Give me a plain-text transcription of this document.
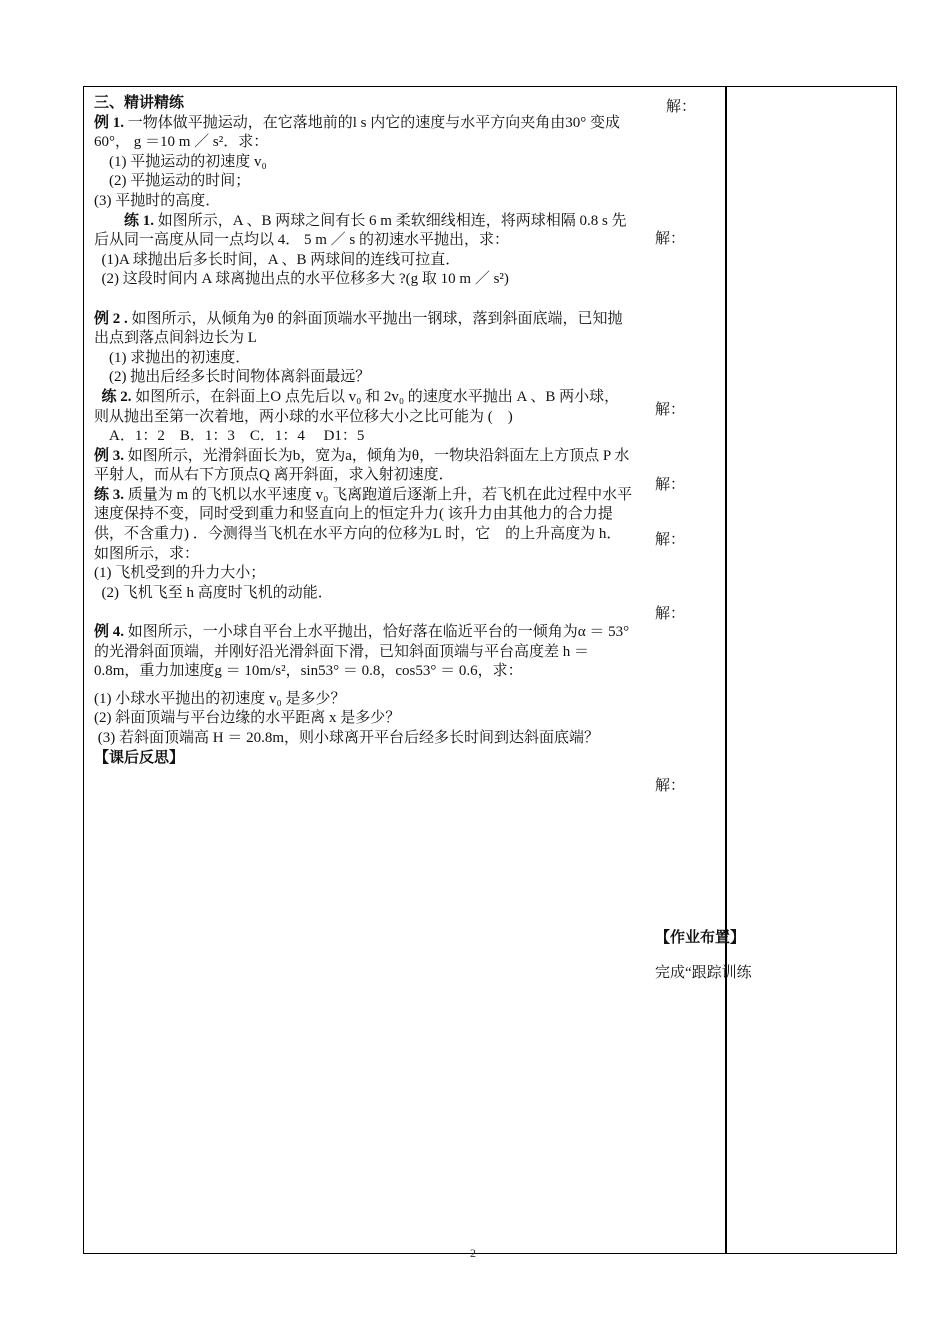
三、精讲精练

例 1. 一物体做平抛运动，在它落地前的l s 内它的速度与水平方向夹角由30° 变成 60°， g ＝10 m ／ s²．求：

(1) 平抛运动的初速度 v₀

(2) 平抛运动的时间；

(3) 平抛时的高度．

练 1. 如图所示，A 、B 两球之间有长 6 m 柔软细线相连，将两球相隔 0.8 s 先后从同一高度从同一点均以 4． 5 m ／ s 的初速水平抛出，求：

(1)A 球抛出后多长时间，A 、B 两球间的连线可拉直．

(2) 这段时间内 A 球离抛出点的水平位移多大 ?(g 取 10 m ／ s²)

例 2 . 如图所示，从倾角为θ 的斜面顶端水平抛出一钢球，落到斜面底端，已知抛出点到落点间斜边长为 L

(1) 求抛出的初速度．

(2) 抛出后经多长时间物体离斜面最远？

练 2. 如图所示，在斜面上O 点先后以 v₀ 和 2v₀ 的速度水平抛出 A 、B 两小球，则从抛出至第一次着地，两小球的水平位移大小之比可能为 (    )

A．1：2    B．1：3    C．1：4     D1：5

例 3. 如图所示，光滑斜面长为b，宽为a，倾角为θ，一物块沿斜面左上方顶点 P 水平射人，而从右下方顶点Q 离开斜面，求入射初速度．

练 3. 质量为 m 的飞机以水平速度 v₀ 飞离跑道后逐渐上升，若飞机在此过程中水平速度保持不变，同时受到重力和竖直向上的恒定升力( 该升力由其他力的合力提供，不含重力) ．今测得当飞机在水平方向的位移为L 时，它    的上升高度为 h． 如图所示，求：

(1) 飞机受到的升力大小；

(2) 飞机飞至 h 高度时飞机的动能．

例 4. 如图所示，一小球自平台上水平抛出，恰好落在临近平台的一倾角为α ＝ 53° 的光滑斜面顶端，并刚好沿光滑斜面下滑，已知斜面顶端与平台高度差 h ＝ 0.8m，重力加速度g ＝ 10m/s²，sin53° ＝ 0.8，cos53° ＝ 0.6，求：

(1) 小球水平抛出的初速度 v₀ 是多少？

(2) 斜面顶端与平台边缘的水平距离 x 是多少？

(3) 若斜面顶端高 H ＝ 20.8m，则小球离开平台后经多长时间到达斜面底端？

【课后反思】

解：
解：
解：
解：
解：
解：
解：
【作业布置】
完成“跟踪训练
2
